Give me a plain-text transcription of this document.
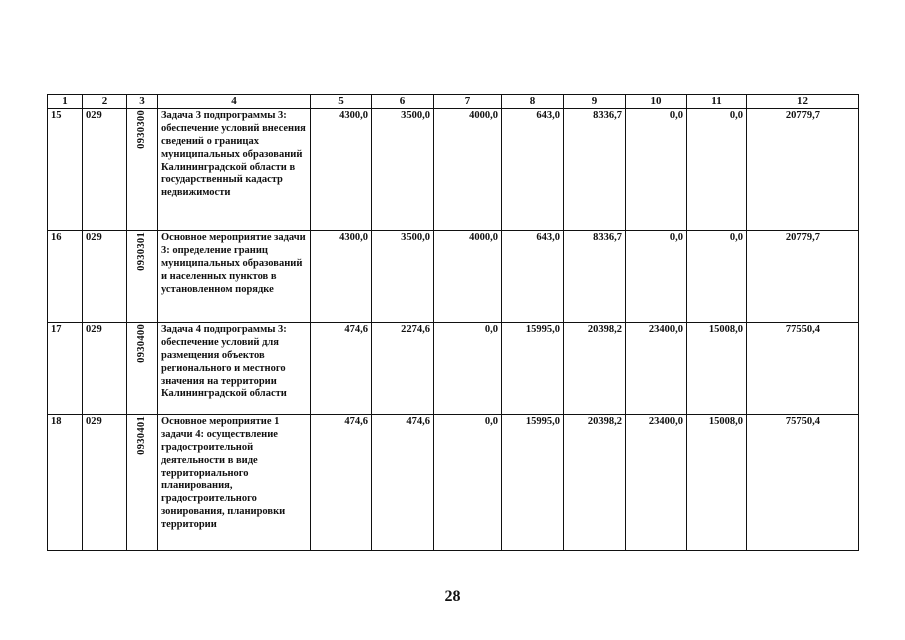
1	2	3	4	5	6	7	8	9	10	11	12
15	029	0930300	Задача 3 подпрограммы 3: обеспечение условий внесения сведений о границах муниципальных образований Калининградской области в государственный кадастр недвижимости	4300,0	3500,0	4000,0	643,0	8336,7	0,0	0,0	20779,7
16	029	0930301	Основное мероприятие задачи 3: определение границ муниципальных образований и населенных пунктов в установленном порядке	4300,0	3500,0	4000,0	643,0	8336,7	0,0	0,0	20779,7
17	029	0930400	Задача 4 подпрограммы 3: обеспечение условий для размещения объектов регионального и местного значения на территории Калининградской области	474,6	2274,6	0,0	15995,0	20398,2	23400,0	15008,0	77550,4
18	029	0930401	Основное мероприятие 1 задачи 4: осуществление градостроительной деятельности в виде территориального планирования, градостроительного зонирования, планировки территории	474,6	474,6	0,0	15995,0	20398,2	23400,0	15008,0	75750,4
28
